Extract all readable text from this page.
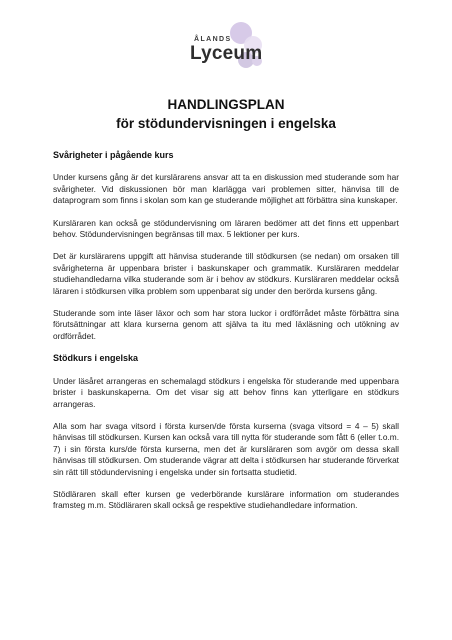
ÅLANDS
Lyceum
HANDLINGSPLAN
för stödundervisningen i engelska
Svårigheter i pågående kurs

Under kursens gång är det kurslärarens ansvar att ta en diskussion med studerande som har svårigheter. Vid diskussionen bör man klarlägga vari problemen sitter, hänvisa till de dataprogram som finns i skolan som kan ge studerande möjlighet att förbättra sina kunskaper.

Kursläraren kan också ge stödundervisning om läraren bedömer att det finns ett uppenbart behov. Stödundervisningen begränsas till max. 5 lektioner per kurs.

Det är kurslärarens uppgift att hänvisa studerande till stödkursen (se nedan) om orsaken till svårigheterna är uppenbara brister i baskunskaper och grammatik. Kursläraren meddelar studiehandledarna vilka studerande som är i behov av stödkurs. Kursläraren meddelar också läraren i stödkursen vilka problem som uppenbarat sig under den berörda kursens gång.

Studerande som inte läser läxor och som har stora luckor i ordförrådet måste förbättra sina förutsättningar att klara kurserna genom att själva ta itu med läxläsning och utökning av ordförrådet.

Stödkurs i engelska

Under läsåret arrangeras en schemalagd stödkurs i engelska för studerande med uppenbara brister i baskunskaperna. Om det visar sig att behov finns kan ytterligare en stödkurs arrangeras.

Alla som har svaga vitsord i första kursen/de första kurserna (svaga vitsord = 4 – 5) skall hänvisas till stödkursen. Kursen kan också vara till nytta för studerande som fått 6 (eller t.o.m. 7) i sin första kurs/de första kurserna, men det är kursläraren som avgör om dessa skall hänvisas till stödkursen. Om studerande vägrar att delta i stödkursen har studerande förverkat sin rätt till stödundervisning i engelska under sin fortsatta studietid.

Stödläraren skall efter kursen ge vederbörande kurslärare information om studerandes framsteg m.m. Stödläraren skall också ge respektive studiehandledare information.
